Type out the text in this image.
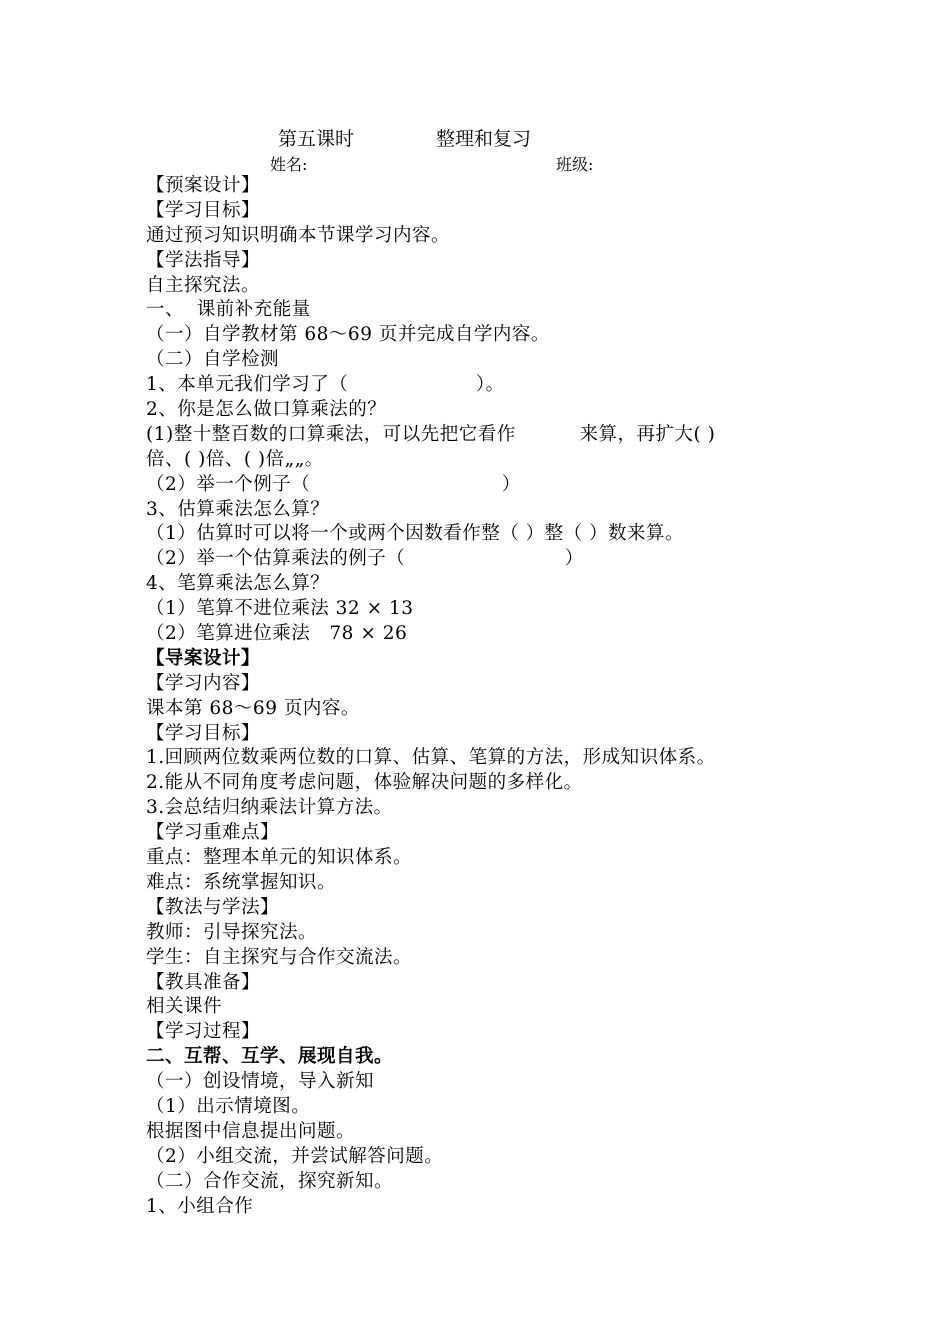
第五课时	整理和复习
姓名:	班级:
【预案设计】
【学习目标】
通过预习知识明确本节课学习内容。
【学法指导】
自主探究法。
一、  课前补充能量
（一）自学教材第 68～69 页并完成自学内容。
（二）自学检测
1、本单元我们学习了（                    ）。
2、你是怎么做口算乘法的？
(1)整十整百数的口算乘法，可以先把它看作          来算，再扩大( )
倍、( )倍、( )倍„„。
（2）举一个例子（                              ）
3、估算乘法怎么算？
（1）估算时可以将一个或两个因数看作整（ ）整（ ）数来算。
（2）举一个估算乘法的例子（                         ）
4、笔算乘法怎么算？
（1）笔算不进位乘法 32 × 13
（2）笔算进位乘法   78 × 26
【导案设计】
【学习内容】
课本第 68～69 页内容。
【学习目标】
1.回顾两位数乘两位数的口算、估算、笔算的方法，形成知识体系。
2.能从不同角度考虑问题，体验解决问题的多样化。
3.会总结归纳乘法计算方法。
【学习重难点】
重点：整理本单元的知识体系。
难点：系统掌握知识。
【教法与学法】
教师：引导探究法。
学生：自主探究与合作交流法。
【教具准备】
相关课件
【学习过程】
二、互帮、互学、展现自我。
（一）创设情境，导入新知
（1）出示情境图。
根据图中信息提出问题。
（2）小组交流，并尝试解答问题。
（二）合作交流，探究新知。
1、小组合作
